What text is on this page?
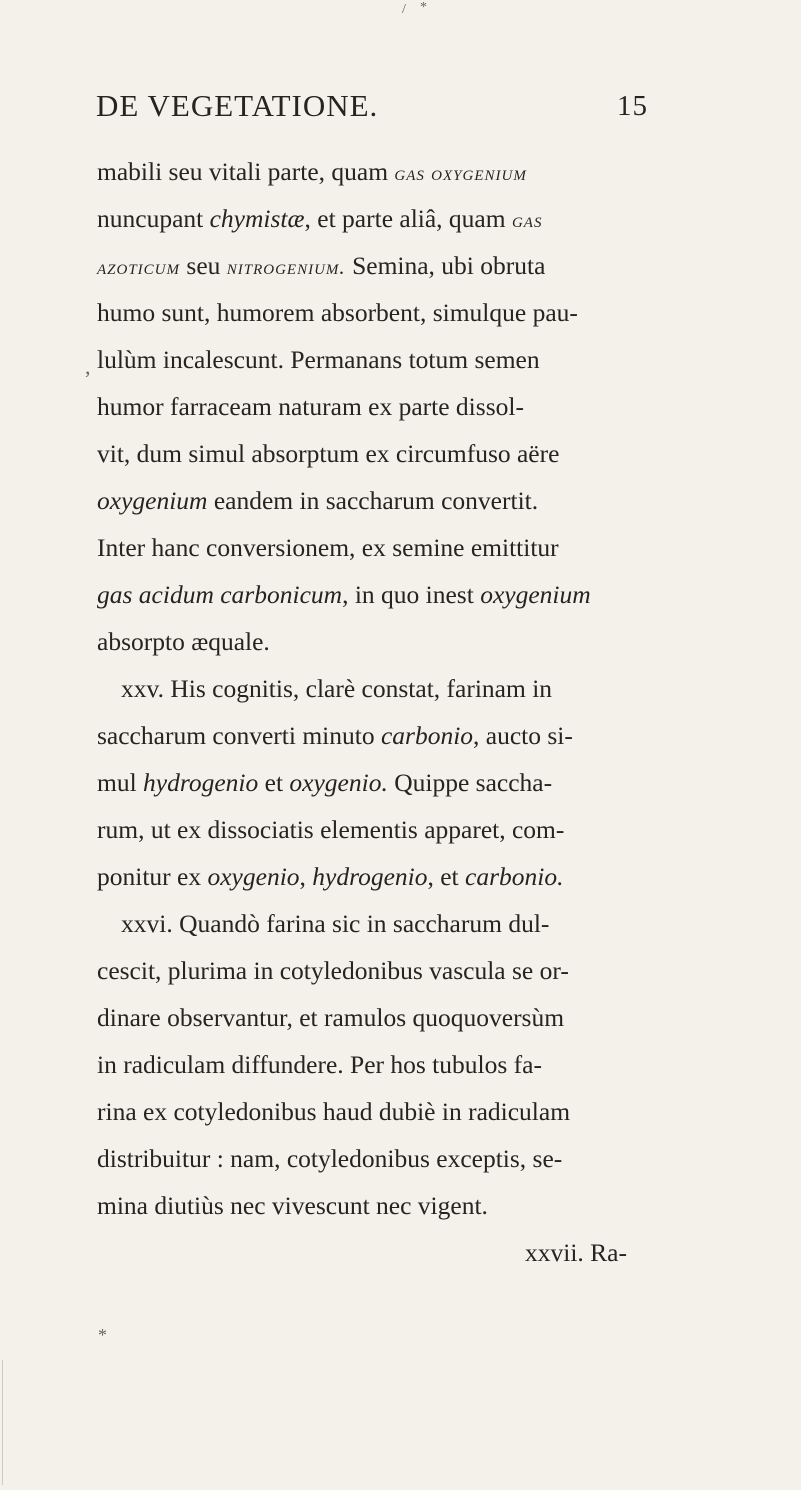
/ *
DE VEGETATIONE.	15
,
mabili seu vitali parte, quam gas oxygenium
nuncupant chymistæ , et parte aliâ, quam gas
azoticum seu nitrogenium. Semina, ubi obruta
humo sunt, humorem absorbent, simulque pau-
lulùm incalescunt. Permanans totum semen
humor farraceam naturam ex parte dissol-
vit, dum simul absorptum ex circumfuso aëre
oxygenium eandem in saccharum convertit.
Inter hanc conversionem, ex semine emittitur
gas acidum carbonicum , in quo inest oxygenium
absorpto æquale.
xxv. His cognitis, clarè constat, farinam in
saccharum converti minuto carbonio , aucto si-
mul hydrogenio et oxygenio. Quippe saccha-
rum, ut ex dissociatis elementis apparet, com-
ponitur ex oxygenio , hydrogenio , et carbonio.
xxvi. Quandò farina sic in saccharum dul-
cescit, plurima in cotyledonibus vascula se or-
dinare observantur, et ramulos quoquoversùm
in radiculam diffundere. Per hos tubulos fa-
rina ex cotyledonibus haud dubiè in radiculam
distribuitur : nam, cotyledonibus exceptis, se-
mina diutiùs nec vivescunt nec vigent.
xxvii. Ra-
*
